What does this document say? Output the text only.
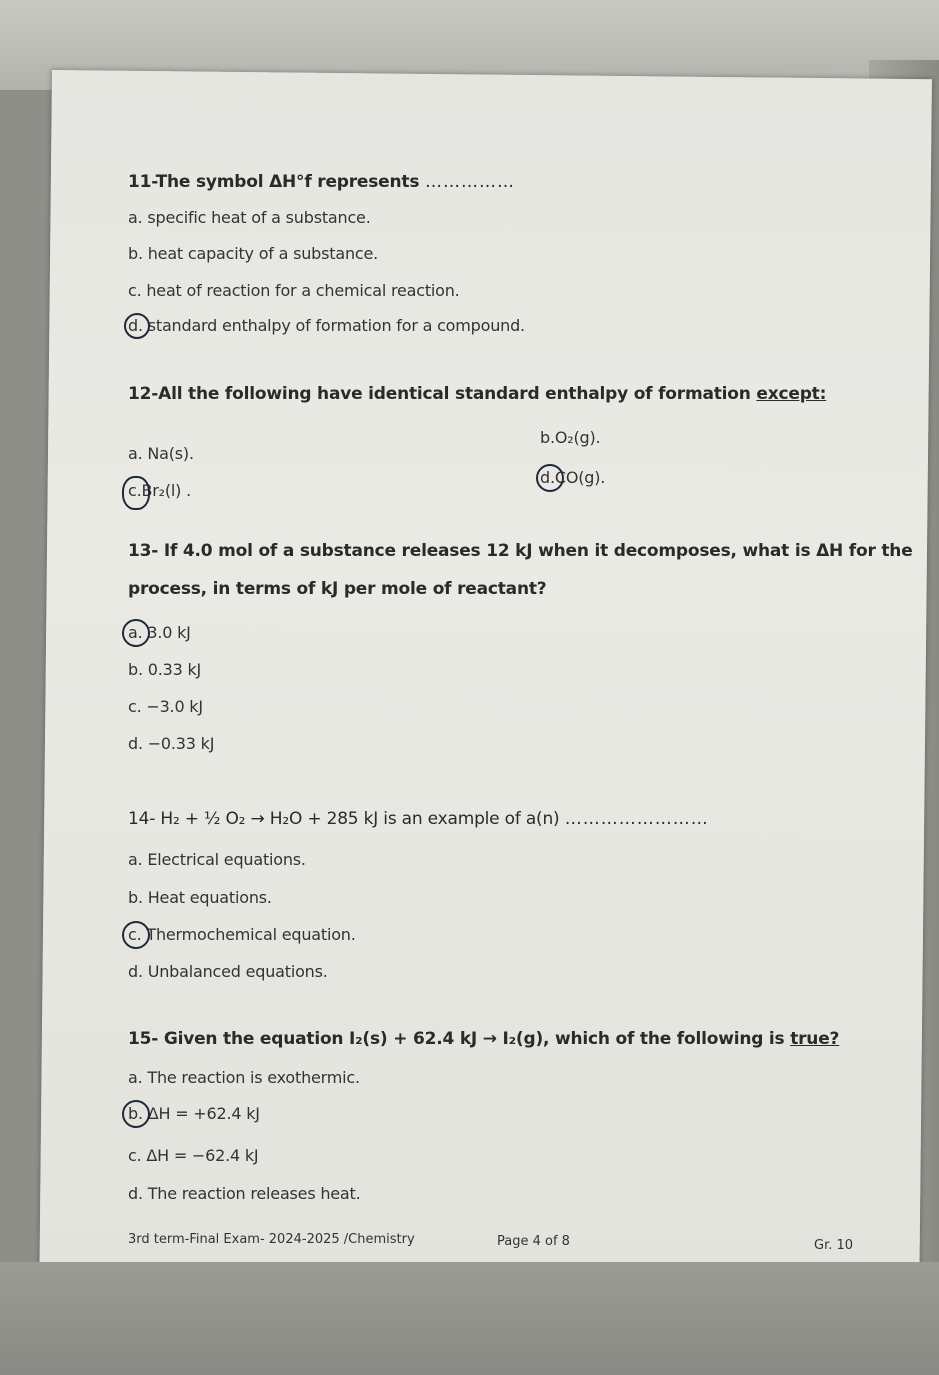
11-The symbol ΔH°f represents ……………
a. specific heat of a substance.
b. heat capacity of a substance.
c. heat of reaction for a chemical reaction.
d. standard enthalpy of formation for a compound.
12-All the following have identical standard enthalpy of formation except:
a. Na(s).
b.O₂(g).
c.Br₂(l) .
d.CO(g).
13- If 4.0 mol of a substance releases 12 kJ when it decomposes, what is ΔH for the
process, in terms of kJ per mole of reactant?
a. 3.0 kJ
b. 0.33 kJ
c. −3.0 kJ
d. −0.33 kJ
14- H₂ + ½ O₂ → H₂O + 285 kJ is an example of a(n) ……………………
a. Electrical equations.
b. Heat equations.
c. Thermochemical equation.
d. Unbalanced equations.
15- Given the equation I₂(s) + 62.4 kJ → I₂(g), which of the following is true?
a. The reaction is exothermic.
b. ΔH = +62.4 kJ
c. ΔH = −62.4 kJ
d. The reaction releases heat.
3rd term-Final Exam- 2024-2025 /Chemistry	Page 4 of 8	Gr. 10
